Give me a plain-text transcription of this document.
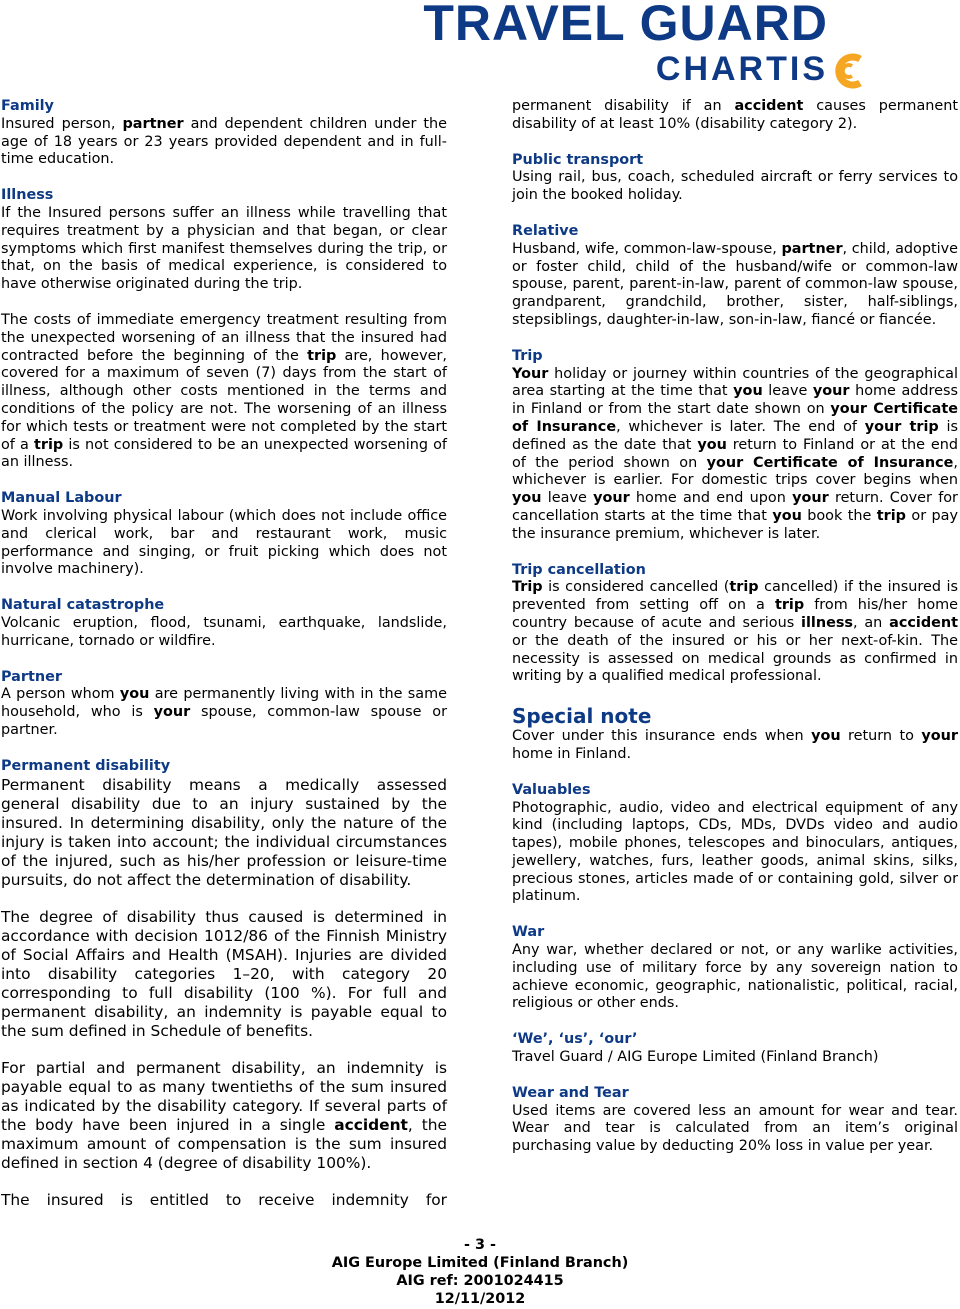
TRAVEL GUARD
CHARTIS
Family

Insured person, partner and dependent children under the age of 18 years or 23 years provided dependent and in full-time education.

Illness

If the Insured persons suffer an illness while travelling that requires treatment by a physician and that began, or clear symptoms which first manifest themselves during the trip, or that, on the basis of medical experience, is considered to have otherwise originated during the trip.

The costs of immediate emergency treatment resulting from the unexpected worsening of an illness that the insured had contracted before the beginning of the trip are, however, covered for a maximum of seven (7) days from the start of illness, although other costs mentioned in the terms and conditions of the policy are not. The worsening of an illness for which tests or treatment were not completed by the start of a trip is not considered to be an unexpected worsening of an illness.

Manual Labour

Work involving physical labour (which does not include office and clerical work, bar and restaurant work, music performance and singing, or fruit picking which does not involve machinery).

Natural catastrophe

Volcanic eruption, flood, tsunami, earthquake, landslide, hurricane, tornado or wildfire.

Partner

A person whom you are permanently living with in the same household, who is your spouse, common-law spouse or partner.

Permanent disability

Permanent disability means a medically assessed general disability due to an injury sustained by the insured. In determining disability, only the nature of the injury is taken into account; the individual circumstances of the injured, such as his/her profession or leisure-time pursuits, do not affect the determination of disability.

The degree of disability thus caused is determined in accordance with decision 1012/86 of the Finnish Ministry of Social Affairs and Health (MSAH). Injuries are divided into disability categories 1–20, with category 20 corresponding to full disability (100 %). For full and permanent disability, an indemnity is payable equal to the sum defined in Schedule of benefits.

For partial and permanent disability, an indemnity is payable equal to as many twentieths of the sum insured as indicated by the disability category. If several parts of the body have been injured in a single accident, the maximum amount of compensation is the sum insured defined in section 4 (degree of disability 100%).

The insured is entitled to receive indemnity for

permanent disability if an accident causes permanent disability of at least 10% (disability category 2).

Public transport

Using rail, bus, coach, scheduled aircraft or ferry services to join the booked holiday.

Relative

Husband, wife, common-law-spouse, partner, child, adoptive or foster child, child of the husband/wife or common-law spouse, parent, parent-in-law, parent of common-law spouse, grandparent, grandchild, brother, sister, half-siblings, stepsiblings, daughter-in-law, son-in-law, fiancé or fiancée.

Trip

Your holiday or journey within countries of the geographical area starting at the time that you leave your home address in Finland or from the start date shown on your Certificate of Insurance, whichever is later. The end of your trip is defined as the date that you return to Finland or at the end of the period shown on your Certificate of Insurance, whichever is earlier. For domestic trips cover begins when you leave your home and end upon your return. Cover for cancellation starts at the time that you book the trip or pay the insurance premium, whichever is later.

Trip cancellation

Trip is considered cancelled (trip cancelled) if the insured is prevented from setting off on a trip from his/her home country because of acute and serious illness, an accident or the death of the insured or his or her next-of-kin. The necessity is assessed on medical grounds as confirmed in writing by a qualified medical professional.

Special note

Cover under this insurance ends when you return to your home in Finland.

Valuables

Photographic, audio, video and electrical equipment of any kind (including laptops, CDs, MDs, DVDs video and audio tapes), mobile phones, telescopes and binoculars, antiques, jewellery, watches, furs, leather goods, animal skins, silks, precious stones, articles made of or containing gold, silver or platinum.

War

Any war, whether declared or not, or any warlike activities, including use of military force by any sovereign nation to achieve economic, geographic, nationalistic, political, racial, religious or other ends.

‘We’, ‘us’, ‘our’

Travel Guard / AIG Europe Limited (Finland Branch)

Wear and Tear

Used items are covered less an amount for wear and tear. Wear and tear is calculated from an item’s original purchasing value by deducting 20% loss in value per year.

- 3 -
AIG Europe Limited (Finland Branch)
AIG ref: 2001024415
12/11/2012
